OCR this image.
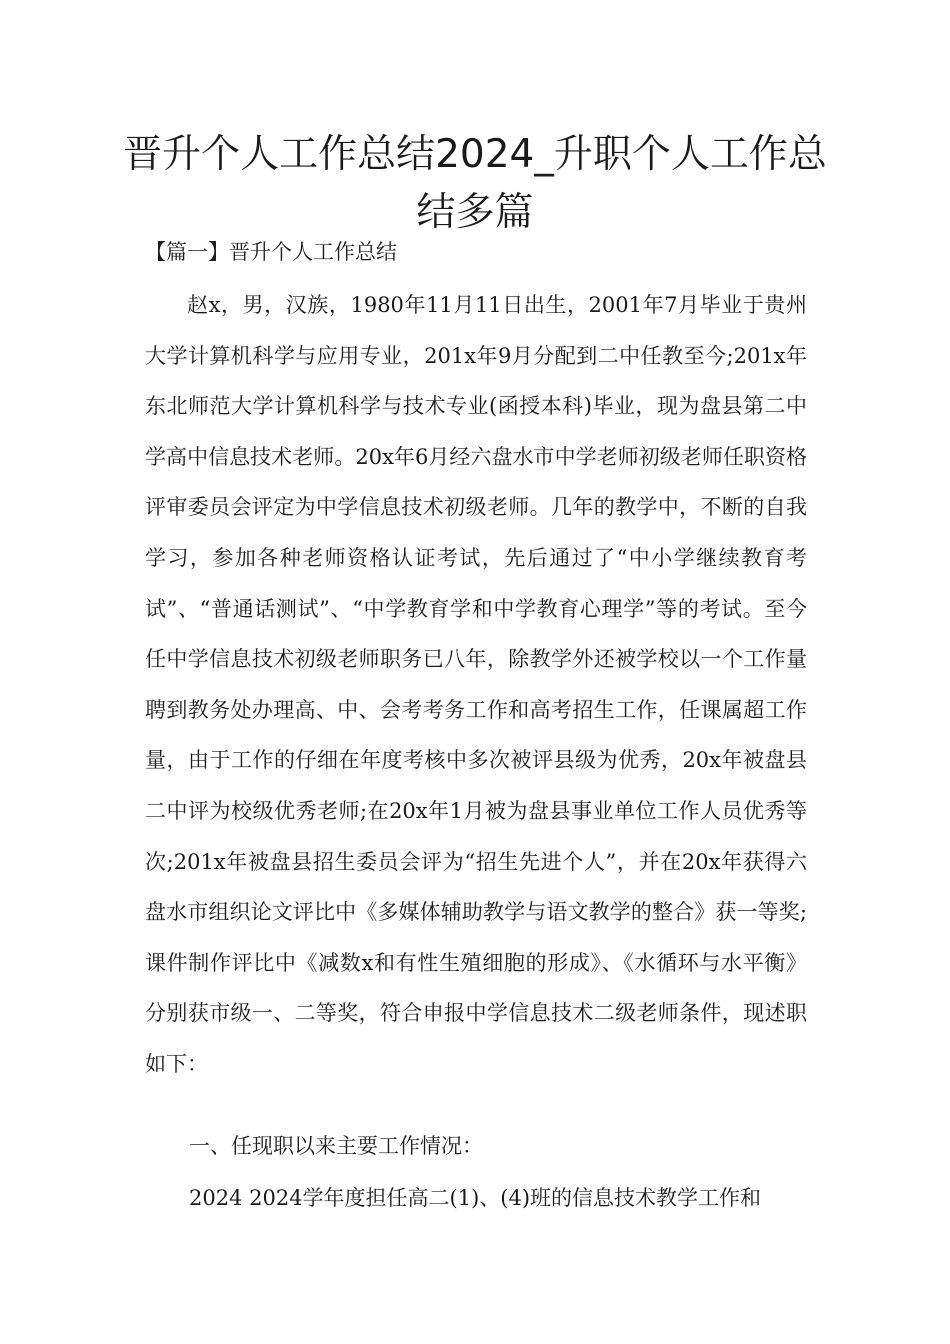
晋升个人工作总结2024_升职个人工作总结多篇

【篇一】晋升个人工作总结

赵x，男，汉族，1980年11月11日出生，2001年7月毕业于贵州大学计算机科学与应用专业，201x年9月分配到二中任教至今;201x年东北师范大学计算机科学与技术专业(函授本科)毕业，现为盘县第二中学高中信息技术老师。20x年6月经六盘水市中学老师初级老师任职资格评审委员会评定为中学信息技术初级老师。几年的教学中，不断的自我学习，参加各种老师资格认证考试，先后通过了“中小学继续教育考试”、“普通话测试”、“中学教育学和中学教育心理学”等的考试。至今任中学信息技术初级老师职务已八年，除教学外还被学校以一个工作量聘到教务处办理高、中、会考考务工作和高考招生工作，任课属超工作量，由于工作的仔细在年度考核中多次被评县级为优秀，20x年被盘县二中评为校级优秀老师;在20x年1月被为盘县事业单位工作人员优秀等次;201x年被盘县招生委员会评为“招生先进个人”，并在20x年获得六盘水市组织论文评比中《多媒体辅助教学与语文教学的整合》获一等奖;课件制作评比中《减数x和有性生殖细胞的形成》、《水循环与水平衡》分别获市级一、二等奖，符合申报中学信息技术二级老师条件，现述职如下：

一、任现职以来主要工作情况：

2024 2024学年度担任高二(1)、(4)班的信息技术教学工作和
